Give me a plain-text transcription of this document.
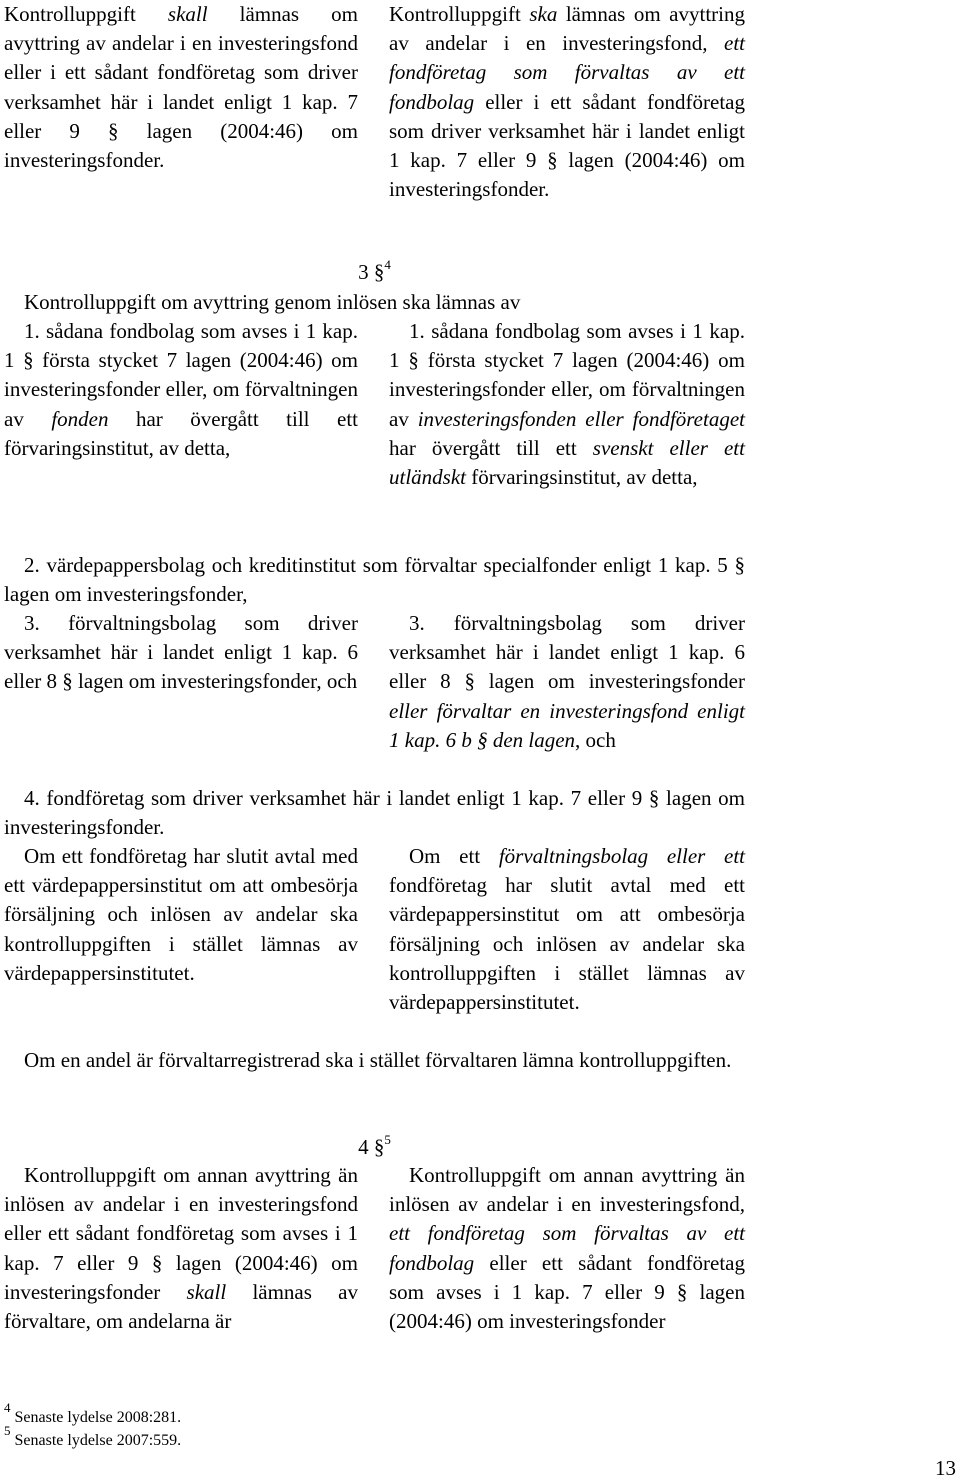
Kontrolluppgift skall lämnas om avyttring av andelar i en investeringsfond eller i ett sådant fondföretag som driver verksamhet här i landet enligt 1 kap. 7 eller 9 § lagen (2004:46) om investeringsfonder.
Kontrolluppgift ska lämnas om avyttring av andelar i en investeringsfond, ett fondföretag som förvaltas av ett fondbolag eller i ett sådant fondföretag som driver verksamhet här i landet enligt 1 kap. 7 eller 9 § lagen (2004:46) om investeringsfonder.
3 §$^4$
Kontrolluppgift om avyttring genom inlösen ska lämnas av
1. sådana fondbolag som avses i 1 kap. 1 § första stycket 7 lagen (2004:46) om investeringsfonder eller, om förvaltningen av fonden har övergått till ett förvaringsinstitut, av detta,
1. sådana fondbolag som avses i 1 kap. 1 § första stycket 7 lagen (2004:46) om investeringsfonder eller, om förvaltningen av investeringsfonden eller fondföretaget har övergått till ett svenskt eller ett utländskt förvaringsinstitut, av detta,
2. värdepappersbolag och kreditinstitut som förvaltar specialfonder enligt 1 kap. 5 § lagen om investeringsfonder,
3. förvaltningsbolag som driver verksamhet här i landet enligt 1 kap. 6 eller 8 § lagen om investeringsfonder, och
3. förvaltningsbolag som driver verksamhet här i landet enligt 1 kap. 6 eller 8 § lagen om investeringsfonder eller förvaltar en investeringsfond enligt 1 kap. 6 b § den lagen, och
4. fondföretag som driver verksamhet här i landet enligt 1 kap. 7 eller 9 § lagen om investeringsfonder.
Om ett fondföretag har slutit avtal med ett värdepappersinstitut om att ombesörja försäljning och inlösen av andelar ska kontrolluppgiften i stället lämnas av värdepappersinstitutet.
Om ett förvaltningsbolag eller ett fondföretag har slutit avtal med ett värdepappersinstitut om att ombesörja försäljning och inlösen av andelar ska kontrolluppgiften i stället lämnas av värdepappersinstitutet.
Om en andel är förvaltarregistrerad ska i stället förvaltaren lämna kontrolluppgiften.
4 §$^5$
Kontrolluppgift om annan avyttring än inlösen av andelar i en investeringsfond eller ett sådant fondföretag som avses i 1 kap. 7 eller 9 § lagen (2004:46) om investeringsfonder skall lämnas av förvaltare, om andelarna är
Kontrolluppgift om annan avyttring än inlösen av andelar i en investeringsfond, ett fondföretag som förvaltas av ett fondbolag eller ett sådant fondföretag som avses i 1 kap. 7 eller 9 § lagen (2004:46) om investeringsfonder
$^4$ Senaste lydelse 2008:281.
$^5$ Senaste lydelse 2007:559.
13
